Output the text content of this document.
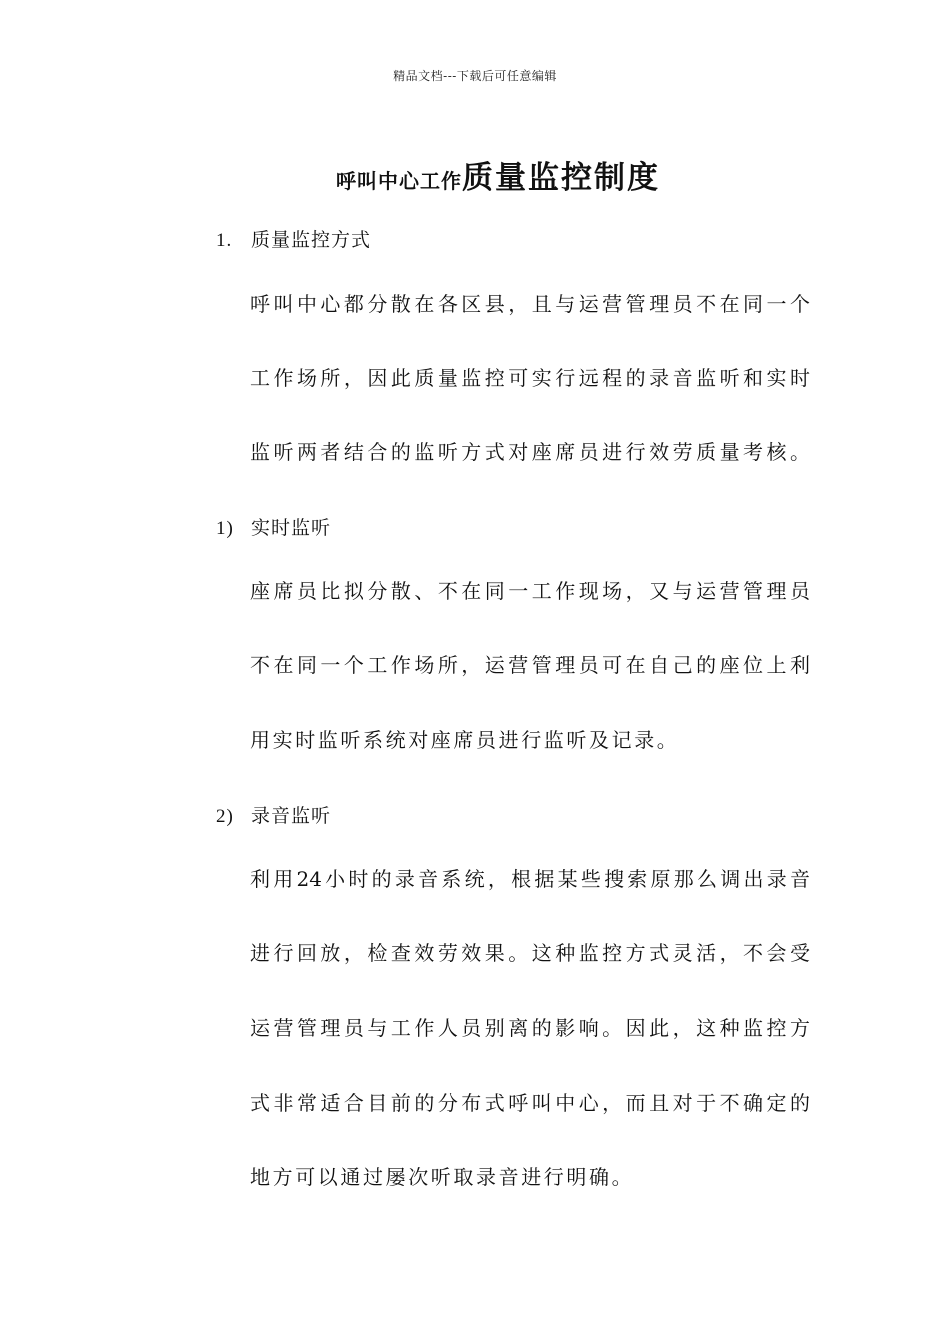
精品文档---下载后可任意编辑
呼叫中心工作质量监控制度
1. 质量监控方式
呼叫中心都分散在各区县，且与运营管理员不在同一个
工作场所，因此质量监控可实行远程的录音监听和实时
监听两者结合的监听方式对座席员进行效劳质量考核。
1) 实时监听
座席员比拟分散、不在同一工作现场，又与运营管理员
不在同一个工作场所，运营管理员可在自己的座位上利
用实时监听系统对座席员进行监听及记录。
2) 录音监听
利用24小时的录音系统，根据某些搜索原那么调出录音
进行回放，检查效劳效果。这种监控方式灵活，不会受
运营管理员与工作人员别离的影响。因此，这种监控方
式非常适合目前的分布式呼叫中心，而且对于不确定的
地方可以通过屡次听取录音进行明确。
